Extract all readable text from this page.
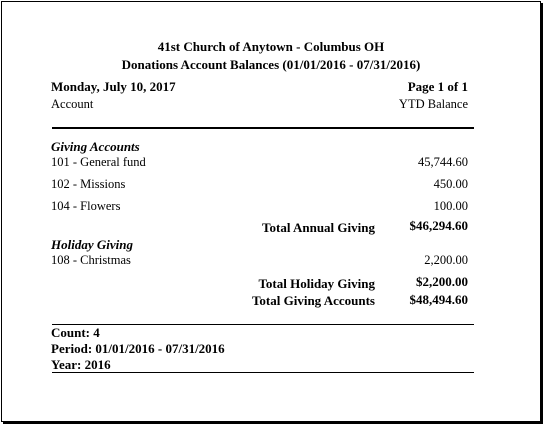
41st Church of Anytown - Columbus OH
Donations Account Balances (01/01/2016 - 07/31/2016)
Monday, July 10, 2017	Page 1 of 1
Account	YTD Balance
Giving Accounts
101 - General fund	45,744.60
102 - Missions	450.00
104 - Flowers	100.00
Total Annual Giving	$46,294.60
Holiday Giving
108 - Christmas	2,200.00
Total Holiday Giving	$2,200.00
Total Giving Accounts	$48,494.60
Count: 4
Period: 01/01/2016 - 07/31/2016
Year: 2016
